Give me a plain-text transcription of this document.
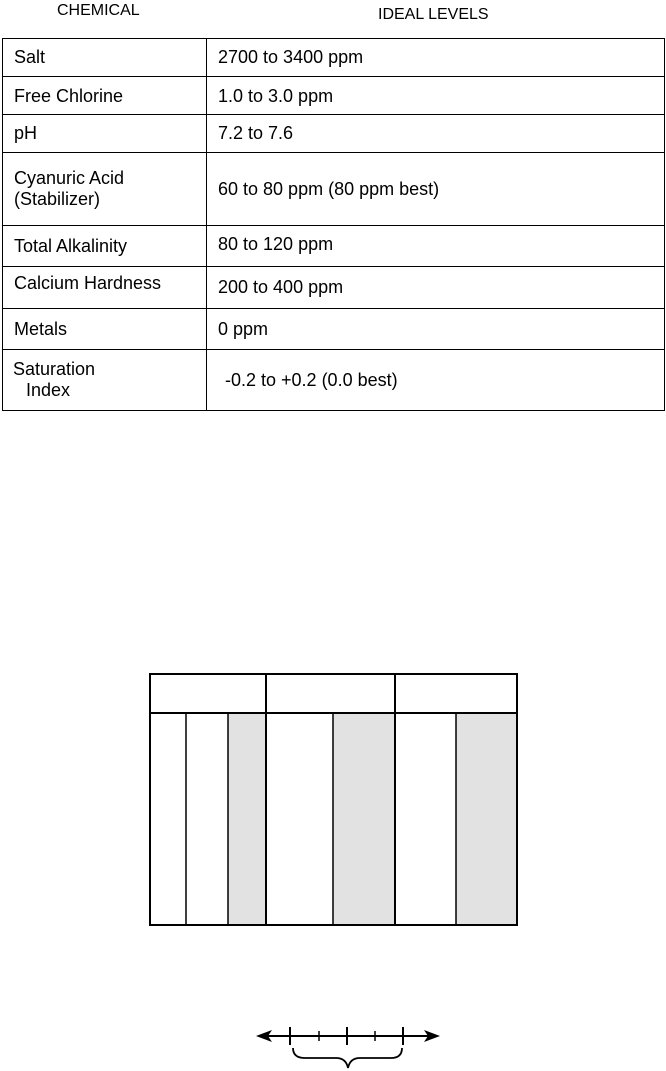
CHEMICAL	IDEAL LEVELS
Salt	2700 to 3400 ppm
Free Chlorine	1.0 to 3.0 ppm
pH	7.2 to 7.6

Cyanuric Acid
(Stabilizer)	60 to 80 ppm (80 ppm best)
Total Alkalinity	80 to 120 ppm
Calcium Hardness	200 to 400 ppm
Metals	0 ppm

Saturation
Index	-0.2 to +0.2 (0.0 best)
